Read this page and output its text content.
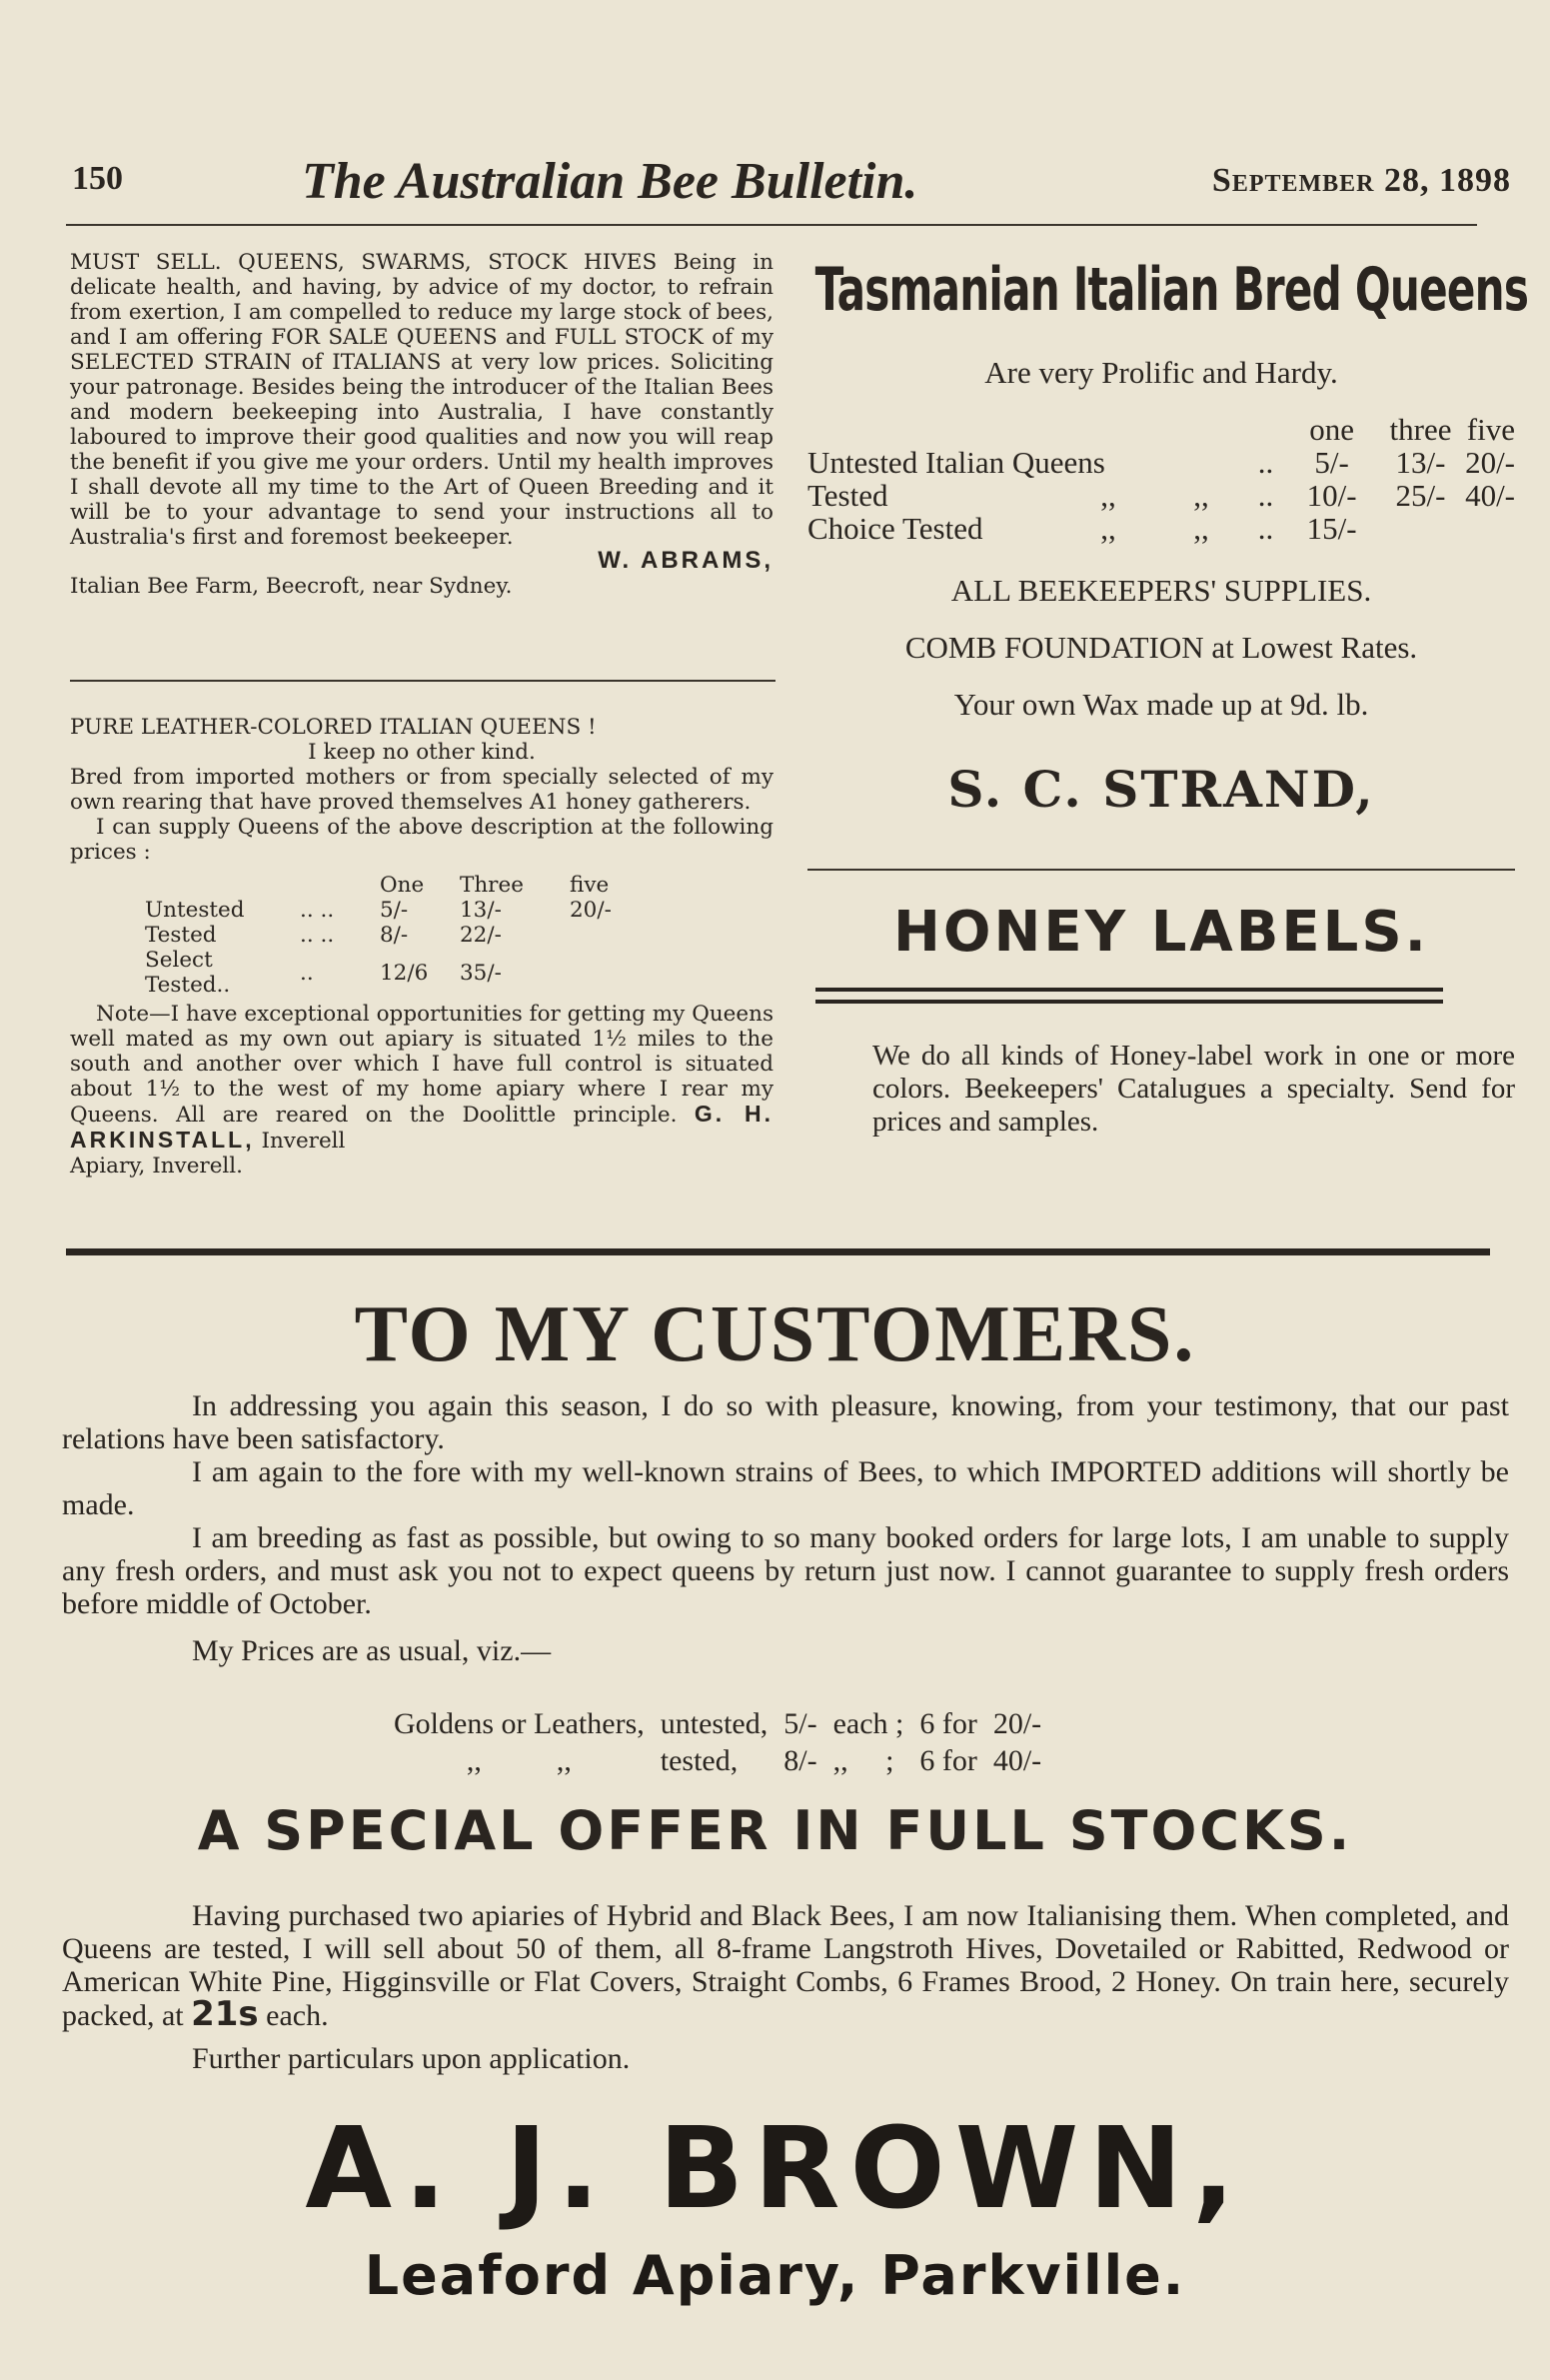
150	The Australian Bee Bulletin.	September 28, 1898

MUST SELL. QUEENS, SWARMS, STOCK HIVES Being in delicate health, and having, by advice of my doctor, to refrain from exertion, I am compelled to reduce my large stock of bees, and I am offering FOR SALE QUEENS and FULL STOCK of my SELECTED STRAIN of ITALIANS at very low prices. Soliciting your patronage. Besides being the introducer of the Italian Bees and modern beekeeping into Australia, I have constantly laboured to improve their good qualities and now you will reap the benefit if you give me your orders. Until my health improves I shall devote all my time to the Art of Queen Breeding and it will be to your advantage to send your instructions all to Australia's first and foremost beekeeper.

W. ABRAMS,

Italian Bee Farm, Beecroft, near Sydney.

PURE LEATHER-COLORED ITALIAN QUEENS !

I keep no other kind.

Bred from imported mothers or from specially selected of my own rearing that have proved themselves A1 honey gatherers.

I can supply Queens of the above description at the following prices :

		One	Three	five
Untested	.. ..	5/-	13/-	20/-
Tested	.. ..	8/-	22/-	
Select Tested..	..	12/6	35/-	

Note—I have exceptional opportunities for getting my Queens well mated as my own out apiary is situated 1½ miles to the south and another over which I have full control is situated about 1½ to the west of my home apiary where I rear my Queens. All are reared on the Doolittle principle. G. H. ARKINSTALL, Inverell

Apiary, Inverell.

Tasmanian Italian Bred Queens
Are very Prolific and Hardy.
			one	three	five
Untested Italian Queens		..	5/-	13/-	20/-
Tested	,,          ,,	..	10/-	25/-	40/-
Choice Tested	,,          ,,	..	15/-		
ALL BEEKEEPERS' SUPPLIES.
COMB FOUNDATION at Lowest Rates.
Your own Wax made up at 9d. lb.
S. C. STRAND,
HONEY LABELS.
We do all kinds of Honey-label work in one or more colors. Beekeepers' Catalugues a specialty. Send for prices and samples.
TO MY CUSTOMERS.

In addressing you again this season, I do so with pleasure, knowing, from your testimony, that our past relations have been satisfactory.

I am again to the fore with my well-known strains of Bees, to which IMPORTED additions will shortly be made.

I am breeding as fast as possible, but owing to so many booked orders for large lots, I am unable to supply any fresh orders, and must ask you not to expect queens by return just now. I cannot guarantee to supply fresh orders before middle of October.

My Prices are as usual, viz.—

Goldens or Leathers,	untested,	5/-	each ;	6 for	20/-
,,          ,,	tested,	8/-	,,     ;	6 for	40/-
A SPECIAL OFFER IN FULL STOCKS.

Having purchased two apiaries of Hybrid and Black Bees, I am now Italianising them. When completed, and Queens are tested, I will sell about 50 of them, all 8-frame Langstroth Hives, Dovetailed or Rabitted, Redwood or American White Pine, Higginsville or Flat Covers, Straight Combs, 6 Frames Brood, 2 Honey. On train here, securely packed, at 21s each.

Further particulars upon application.

A. J. BROWN,
Leaford Apiary, Parkville.
